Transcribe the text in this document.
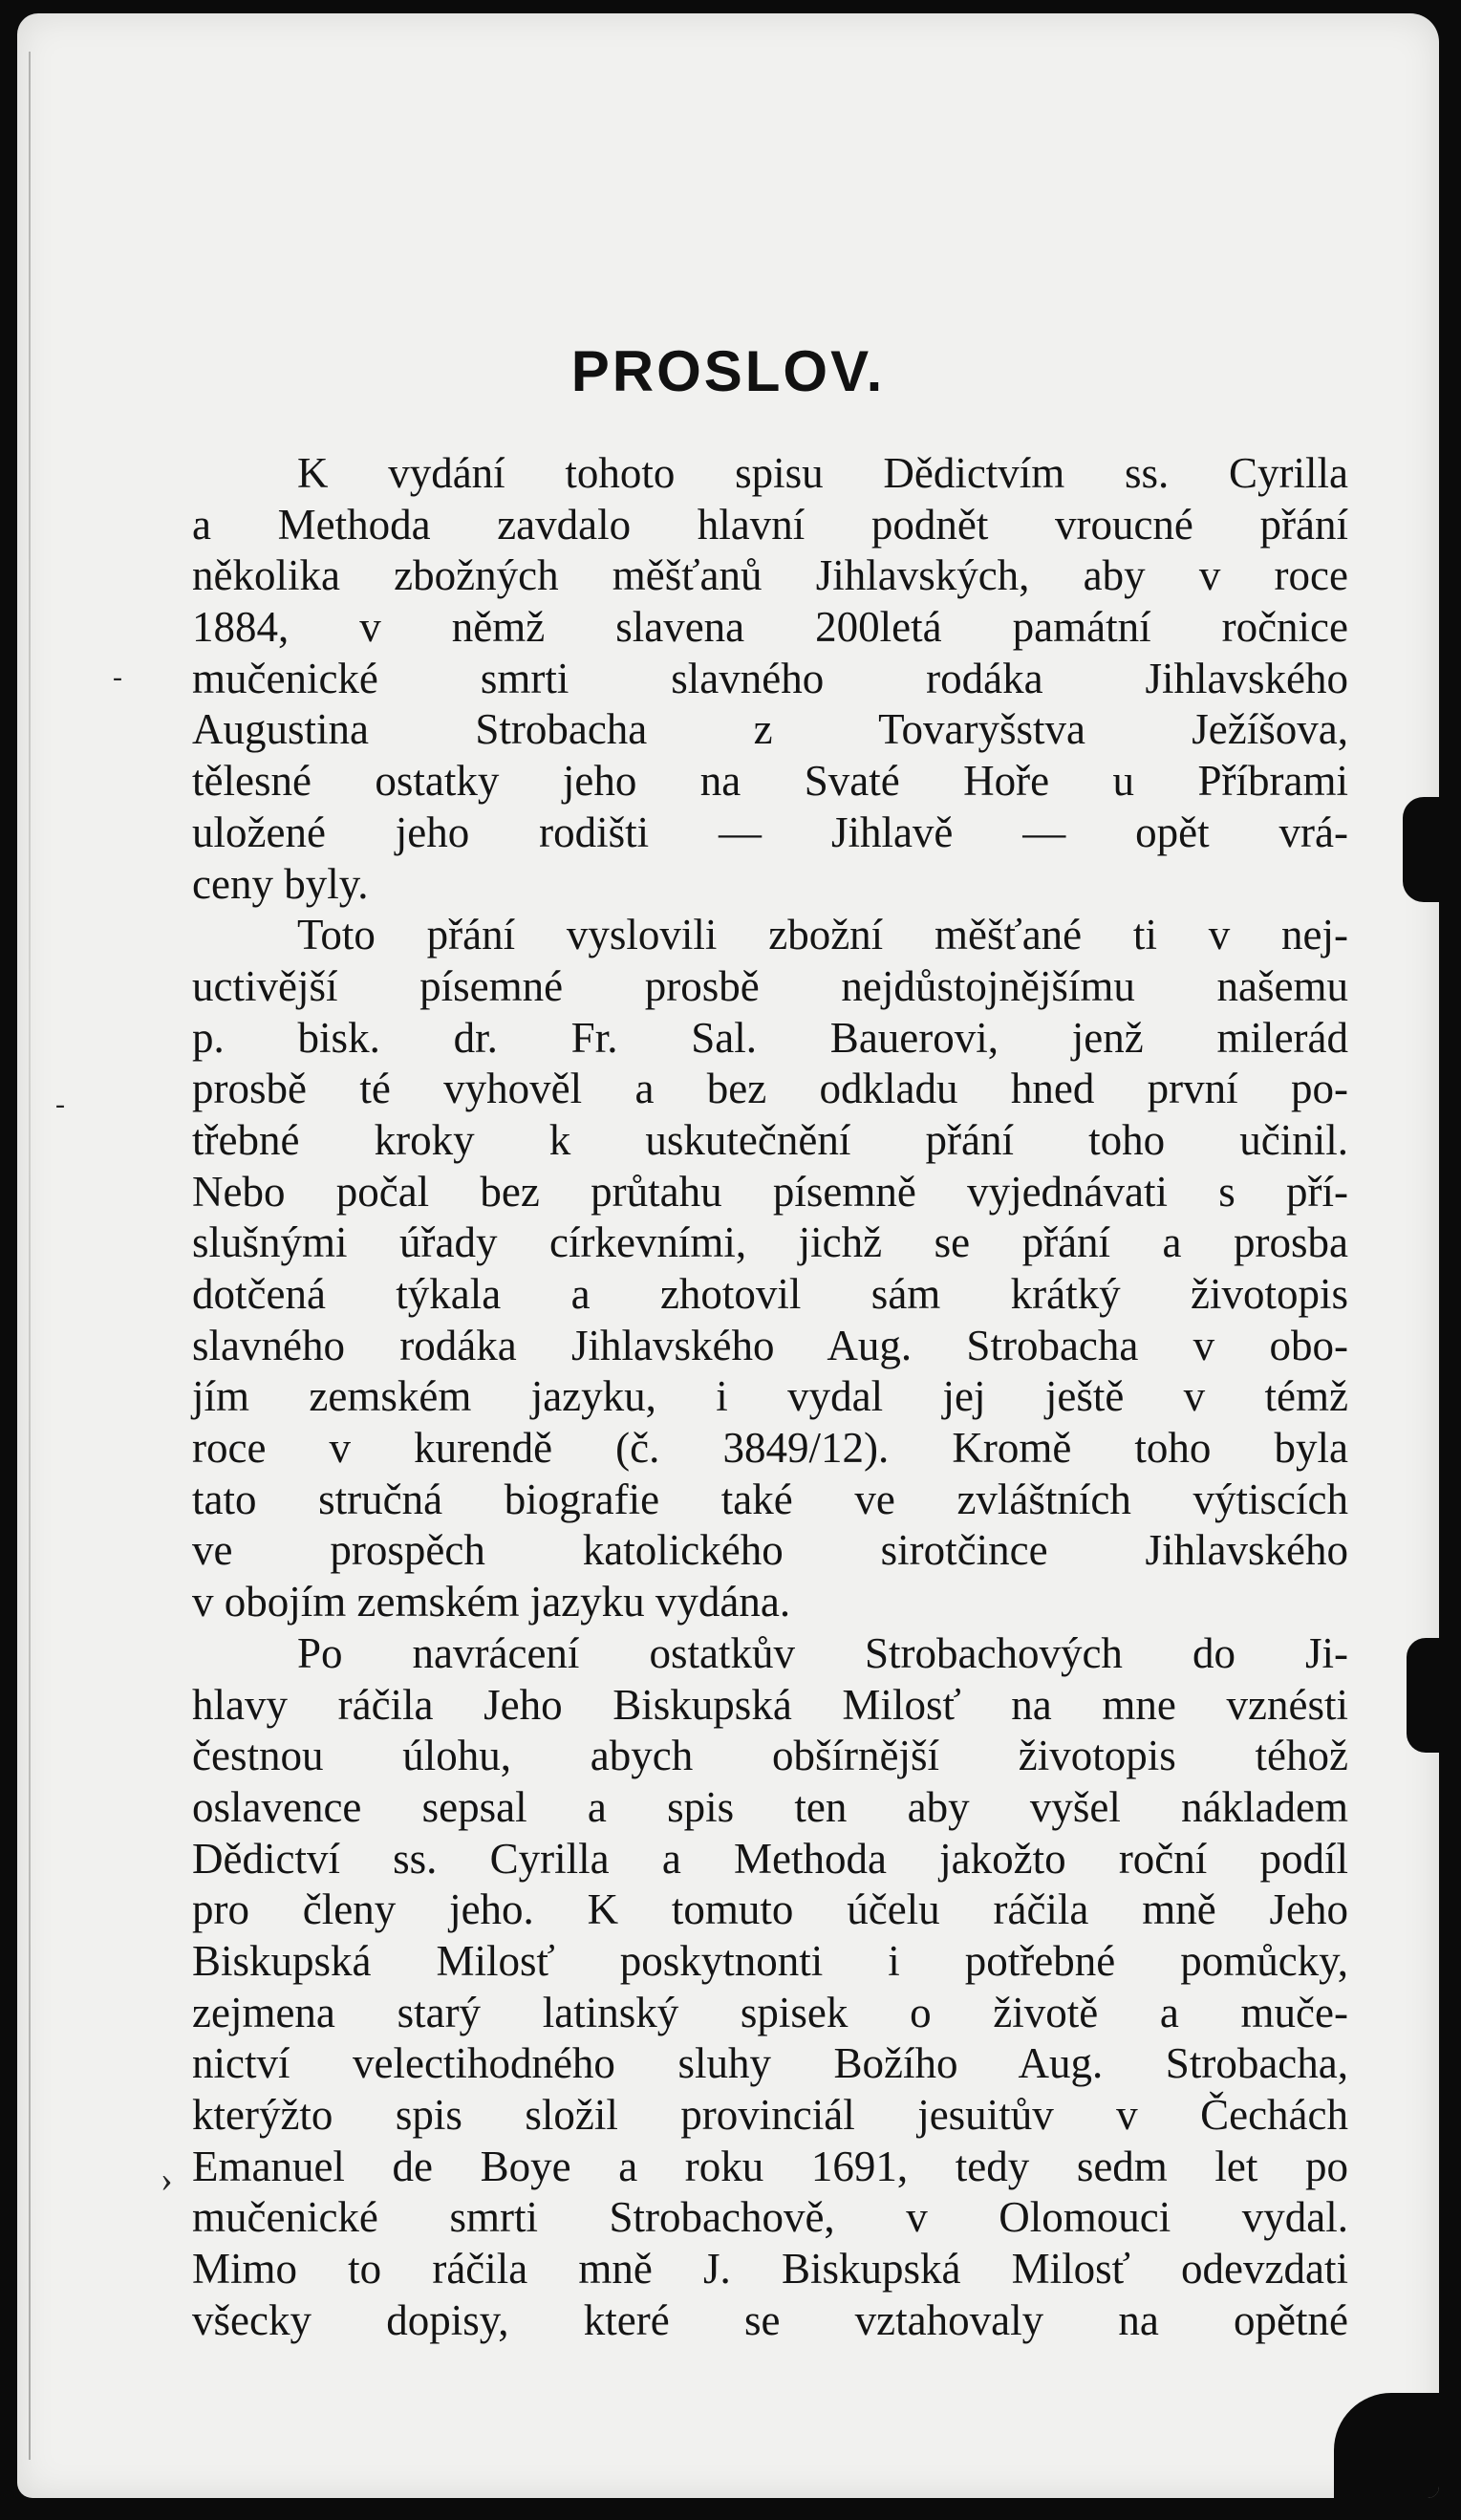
PROSLOV.
K vydání tohoto spisu Dědictvím ss. Cyrilla
a Methoda zavdalo hlavní podnět vroucné přání
několika zbožných měšťanů Jihlavských, aby v roce
1884, v němž slavena 200letá památní ročnice
mučenické smrti slavného rodáka Jihlavského
Augustina Strobacha z Tovaryšstva Ježíšova,
tělesné ostatky jeho na Svaté Hoře u Příbrami
uložené jeho rodišti — Jihlavě — opět vrá-
ceny byly.
Toto přání vyslovili zbožní měšťané ti v nej-
uctivější písemné prosbě nejdůstojnějšímu našemu
p. bisk. dr. Fr. Sal. Bauerovi, jenž milerád
prosbě té vyhověl a bez odkladu hned první po-
třebné kroky k uskutečnění přání toho učinil.
Nebo počal bez průtahu písemně vyjednávati s pří-
slušnými úřady církevními, jichž se přání a prosba
dotčená týkala a zhotovil sám krátký životopis
slavného rodáka Jihlavského Aug. Strobacha v obo-
jím zemském jazyku, i vydal jej ještě v témž
roce v kurendě (č. 3849/12). Kromě toho byla
tato stručná biografie také ve zvláštních výtiscích
ve prospěch katolického sirotčince Jihlavského
v obojím zemském jazyku vydána.
Po navrácení ostatkův Strobachových do Ji-
hlavy ráčila Jeho Biskupská Milosť na mne vznésti
čestnou úlohu, abych obšírnější životopis téhož
oslavence sepsal a spis ten aby vyšel nákladem
Dědictví ss. Cyrilla a Methoda jakožto roční podíl
pro členy jeho. K tomuto účelu ráčila mně Jeho
Biskupská Milosť poskytnonti i potřebné pomůcky,
zejmena starý latinský spisek o životě a muče-
nictví velectihodného sluhy Božího Aug. Strobacha,
kterýžto spis složil provinciál jesuitův v Čechách
Emanuel de Boye a roku 1691, tedy sedm let po
mučenické smrti Strobachově, v Olomouci vydal.
Mimo to ráčila mně J. Biskupská Milosť odevzdati
všecky dopisy, které se vztahovaly na opětné
-
-
›
